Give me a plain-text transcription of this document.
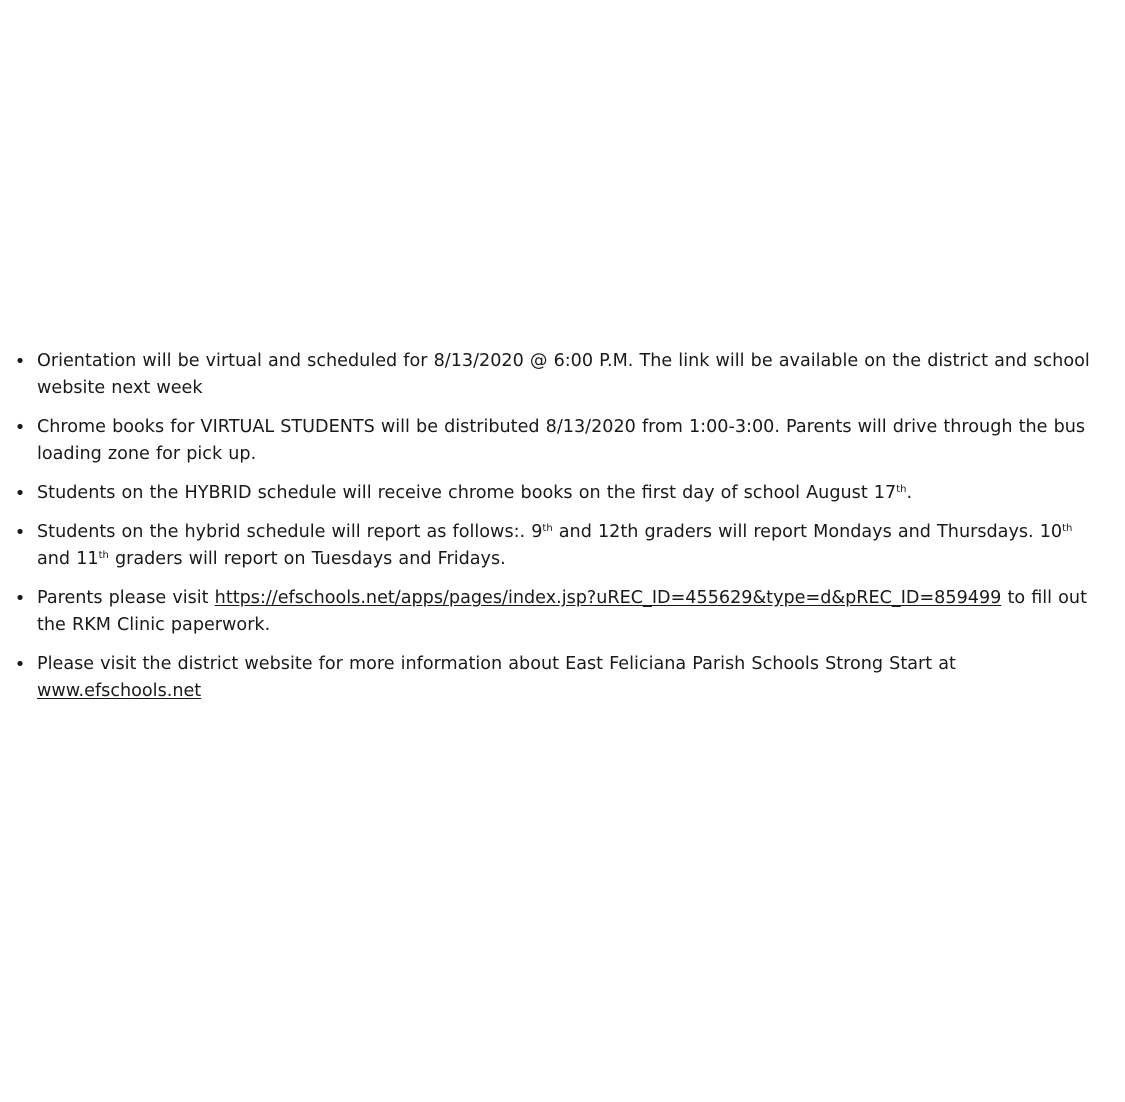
• Orientation will be virtual and scheduled for 8/13/2020 @ 6:00 P.M. The link will be available on the district and school website next week
• Chrome books for VIRTUAL STUDENTS will be distributed 8/13/2020 from 1:00-3:00. Parents will drive through the bus loading zone for pick up.
• Students on the HYBRID schedule will receive chrome books on the first day of school August 17th.
• Students on the hybrid schedule will report as follows:. 9th and 12th graders will report Mondays and Thursdays. 10th and 11th graders will report on Tuesdays and Fridays.
• Parents please visit https://efschools.net/apps/pages/index.jsp?uREC_ID=455629&type=d&pREC_ID=859499 to fill out the RKM Clinic paperwork.
• Please visit the district website for more information about East Feliciana Parish Schools Strong Start at www.efschools.net
